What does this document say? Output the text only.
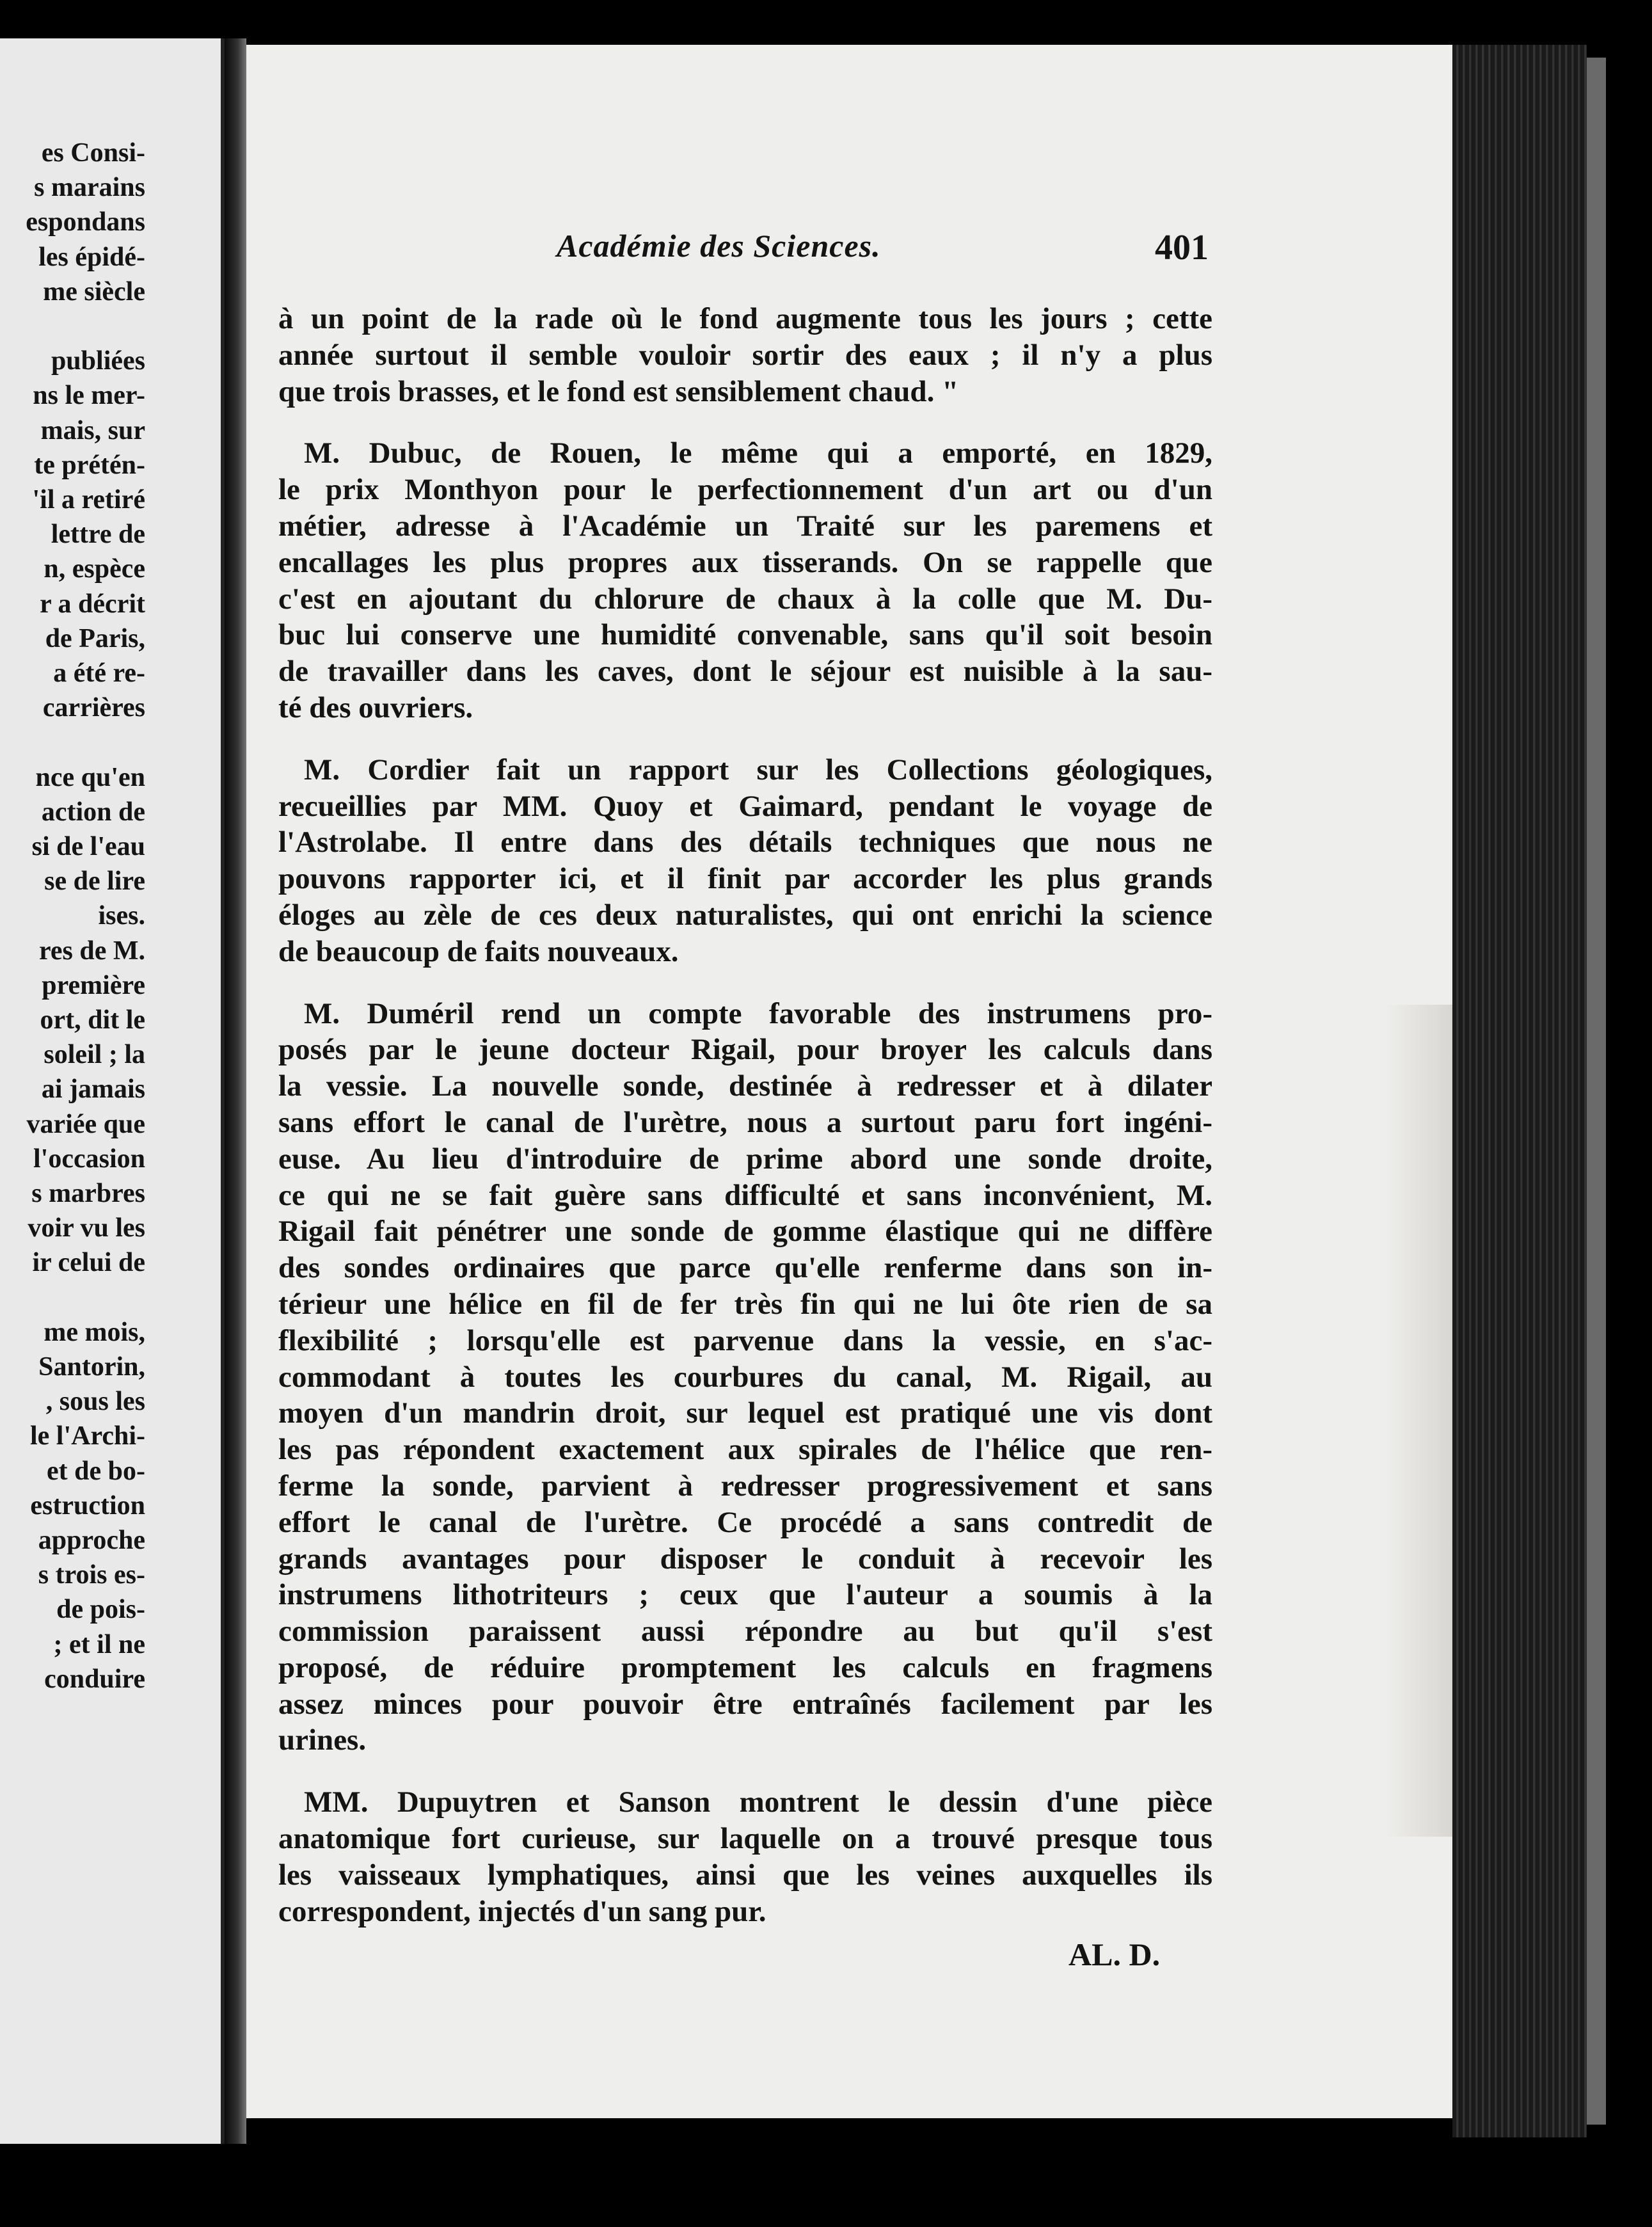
es Consi-
s marains
espondans
les épidé-
me siècle
publiées
ns le mer-
mais, sur
te prétén-
'il a retiré
lettre de
n, espèce
r a décrit
de Paris,
a été re-
carrières
nce qu'en
action de
si de l'eau
se de lire
ises.
res de M.
première
ort, dit le
soleil ; la
ai jamais
variée que
l'occasion
s marbres
voir vu les
ir celui de
me mois,
Santorin,
, sous les
le l'Archi-
et de bo-
estruction
approche
s trois es-
de pois-
; et il ne
conduire
Académie des Sciences.	401
à un point de la rade où le fond augmente tous les jours ; cette
année surtout il semble vouloir sortir des eaux ; il n'y a plus
que trois brasses, et le fond est sensiblement chaud. "
M. Dubuc, de Rouen, le même qui a emporté, en 1829,
le prix Monthyon pour le perfectionnement d'un art ou d'un
métier, adresse à l'Académie un Traité sur les paremens et
encallages les plus propres aux tisserands. On se rappelle que
c'est en ajoutant du chlorure de chaux à la colle que M. Du-
buc lui conserve une humidité convenable, sans qu'il soit besoin
de travailler dans les caves, dont le séjour est nuisible à la sau-
té des ouvriers.
M. Cordier fait un rapport sur les Collections géologiques,
recueillies par MM. Quoy et Gaimard, pendant le voyage de
l'Astrolabe. Il entre dans des détails techniques que nous ne
pouvons rapporter ici, et il finit par accorder les plus grands
éloges au zèle de ces deux naturalistes, qui ont enrichi la science
de beaucoup de faits nouveaux.
M. Duméril rend un compte favorable des instrumens pro-
posés par le jeune docteur Rigail, pour broyer les calculs dans
la vessie. La nouvelle sonde, destinée à redresser et à dilater
sans effort le canal de l'urètre, nous a surtout paru fort ingéni-
euse. Au lieu d'introduire de prime abord une sonde droite,
ce qui ne se fait guère sans difficulté et sans inconvénient, M.
Rigail fait pénétrer une sonde de gomme élastique qui ne diffère
des sondes ordinaires que parce qu'elle renferme dans son in-
térieur une hélice en fil de fer très fin qui ne lui ôte rien de sa
flexibilité ; lorsqu'elle est parvenue dans la vessie, en s'ac-
commodant à toutes les courbures du canal, M. Rigail, au
moyen d'un mandrin droit, sur lequel est pratiqué une vis dont
les pas répondent exactement aux spirales de l'hélice que ren-
ferme la sonde, parvient à redresser progressivement et sans
effort le canal de l'urètre. Ce procédé a sans contredit de
grands avantages pour disposer le conduit à recevoir les
instrumens lithotriteurs ; ceux que l'auteur a soumis à la
commission paraissent aussi répondre au but qu'il s'est
proposé, de réduire promptement les calculs en fragmens
assez minces pour pouvoir être entraînés facilement par les
urines.
MM. Dupuytren et Sanson montrent le dessin d'une pièce
anatomique fort curieuse, sur laquelle on a trouvé presque tous
les vaisseaux lymphatiques, ainsi que les veines auxquelles ils
correspondent, injectés d'un sang pur.
AL. D.
